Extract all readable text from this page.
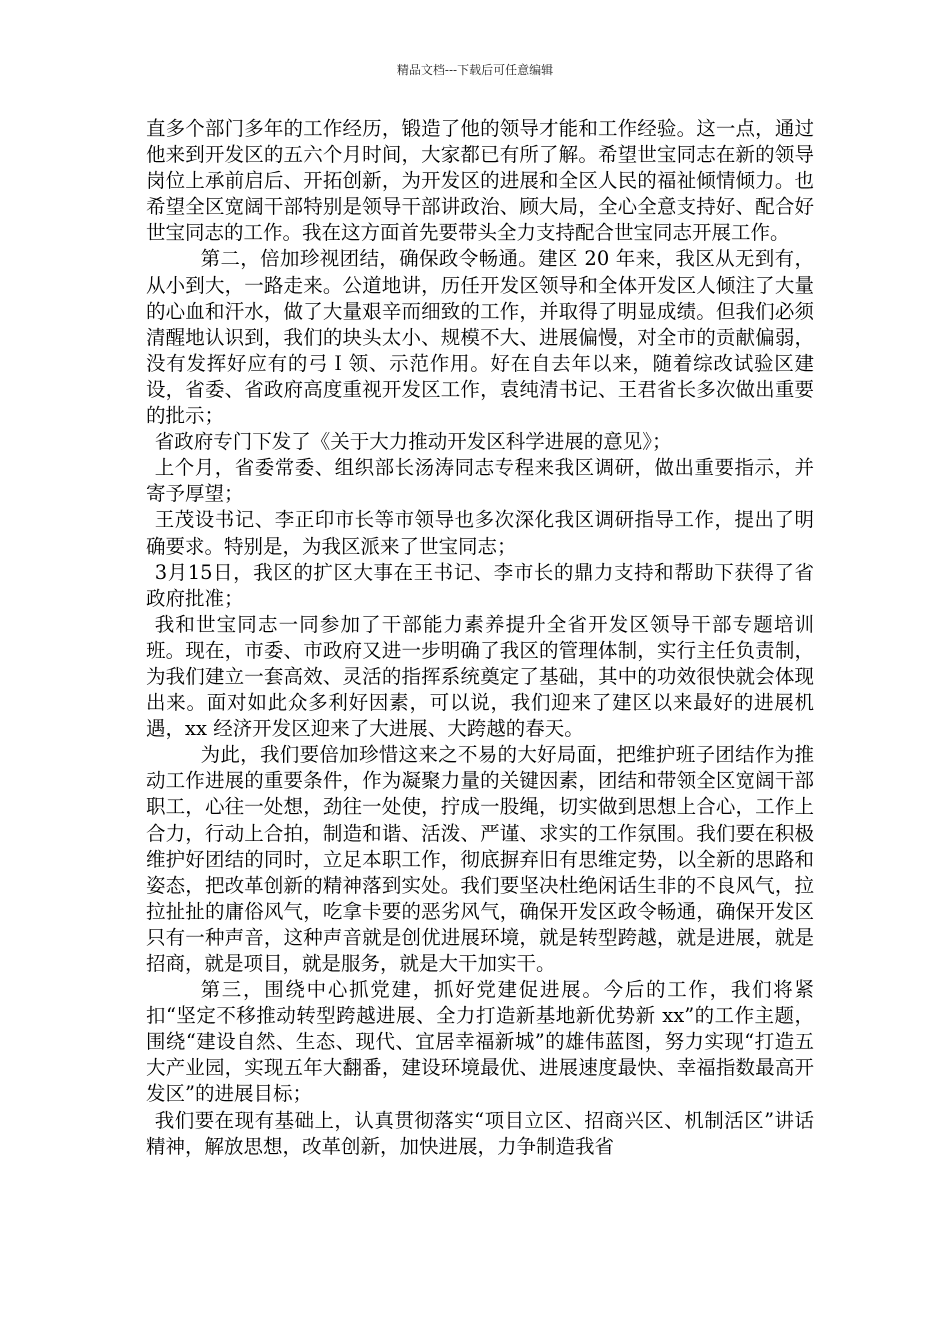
精品文档---下载后可任意编辑

直多个部门多年的工作经历，锻造了他的领导才能和工作经验。这一点，通过他来到开发区的五六个月时间，大家都已有所了解。希望世宝同志在新的领导岗位上承前启后、开拓创新，为开发区的进展和全区人民的福祉倾情倾力。也希望全区宽阔干部特别是领导干部讲政治、顾大局，全心全意支持好、配合好世宝同志的工作。我在这方面首先要带头全力支持配合世宝同志开展工作。

第二，倍加珍视团结，确保政令畅通。建区 20 年来，我区从无到有，从小到大，一路走来。公道地讲，历任开发区领导和全体开发区人倾注了大量的心血和汗水，做了大量艰辛而细致的工作，并取得了明显成绩。但我们必须清醒地认识到，我们的块头太小、规模不大、进展偏慢，对全市的贡献偏弱，没有发挥好应有的弓Ｉ领、示范作用。好在自去年以来，随着综改试验区建设，省委、省政府高度重视开发区工作，袁纯清书记、王君省长多次做出重要的批示；

省政府专门下发了《关于大力推动开发区科学进展的意见》；

上个月，省委常委、组织部长汤涛同志专程来我区调研，做出重要指示，并寄予厚望；

王茂设书记、李正印市长等市领导也多次深化我区调研指导工作，提出了明确要求。特别是，为我区派来了世宝同志；

3月15日，我区的扩区大事在王书记、李市长的鼎力支持和帮助下获得了省政府批准；

我和世宝同志一同参加了干部能力素养提升全省开发区领导干部专题培训班。现在，市委、市政府又进一步明确了我区的管理体制，实行主任负责制，为我们建立一套高效、灵活的指挥系统奠定了基础，其中的功效很快就会体现出来。面对如此众多利好因素，可以说，我们迎来了建区以来最好的进展机遇，xx 经济开发区迎来了大进展、大跨越的春天。

为此，我们要倍加珍惜这来之不易的大好局面，把维护班子团结作为推动工作进展的重要条件，作为凝聚力量的关键因素，团结和带领全区宽阔干部职工，心往一处想，劲往一处使，拧成一股绳，切实做到思想上合心，工作上合力，行动上合拍，制造和谐、活泼、严谨、求实的工作氛围。我们要在积极维护好团结的同时，立足本职工作，彻底摒弃旧有思维定势，以全新的思路和姿态，把改革创新的精神落到实处。我们要坚决杜绝闲话生非的不良风气，拉拉扯扯的庸俗风气，吃拿卡要的恶劣风气，确保开发区政令畅通，确保开发区只有一种声音，这种声音就是创优进展环境，就是转型跨越，就是进展，就是招商，就是项目，就是服务，就是大干加实干。

第三，围绕中心抓党建，抓好党建促进展。今后的工作，我们将紧扣“坚定不移推动转型跨越进展、全力打造新基地新优势新 xx”的工作主题，围绕“建设自然、生态、现代、宜居幸福新城”的雄伟蓝图，努力实现“打造五大产业园，实现五年大翻番，建设环境最优、进展速度最快、幸福指数最高开发区”的进展目标；

我们要在现有基础上，认真贯彻落实“项目立区、招商兴区、机制活区”讲话精神，解放思想，改革创新，加快进展，力争制造我省
